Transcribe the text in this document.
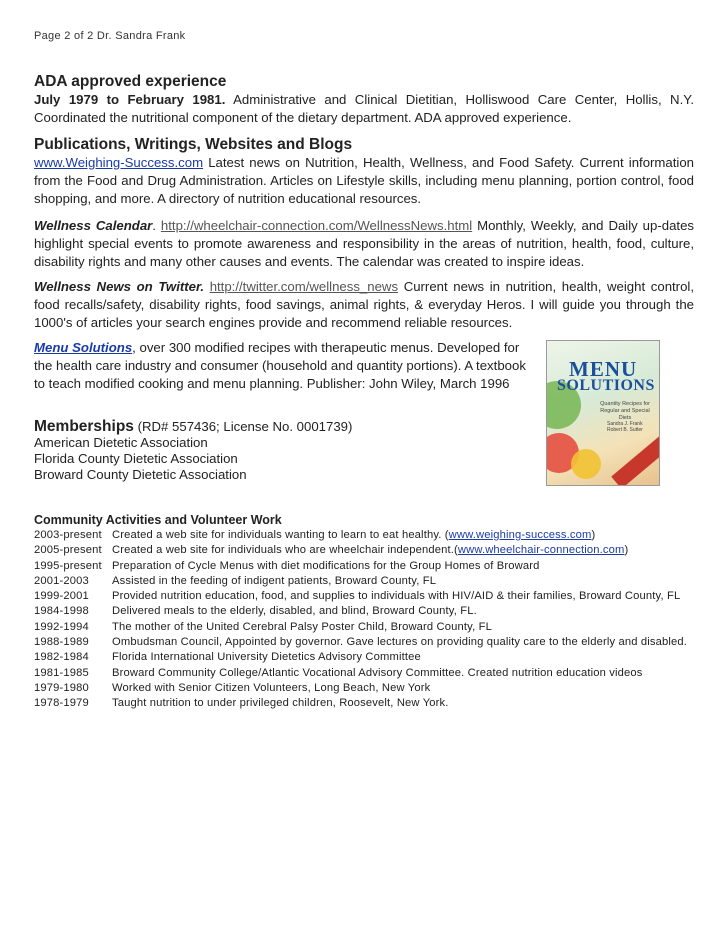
Page 2 of 2 Dr. Sandra Frank
ADA approved experience

July 1979 to February 1981. Administrative and Clinical Dietitian, Holliswood Care Center, Hollis, N.Y. Coordinated the nutritional component of the dietary department. ADA approved experience.

Publications, Writings, Websites and Blogs

www.Weighing-Success.com Latest news on Nutrition, Health, Wellness, and Food Safety. Current information from the Food and Drug Administration. Articles on Lifestyle skills, including menu planning, portion control, food shopping, and more. A directory of nutrition educational resources.

Wellness Calendar. http://wheelchair-connection.com/WellnessNews.html Monthly, Weekly, and Daily up-dates highlight special events to promote awareness and responsibility in the areas of nutrition, health, food, culture, disability rights and many other causes and events. The calendar was created to inspire ideas.

Wellness News on Twitter. http://twitter.com/wellness_news Current news in nutrition, health, weight control, food recalls/safety, disability rights, food savings, animal rights, & everyday Heros. I will guide you through the 1000's of articles your search engines provide and recommend reliable resources.

Menu Solutions, over 300 modified recipes with therapeutic menus. Developed for the health care industry and consumer (household and quantity portions). A textbook to teach modified cooking and menu planning. Publisher: John Wiley, March 1996
MENU
SOLUTIONS
Quantity Recipes for Regular and Special Diets
Sandra J. Frank Robert B. Sutter
Memberships (RD# 557436; License No. 0001739)
American Dietetic Association
Florida County Dietetic Association
Broward County Dietetic Association
Community Activities and Volunteer Work
2003-present Created a web site for individuals wanting to learn to eat healthy. (www.weighing-success.com)
2005-present Created a web site for individuals who are wheelchair independent.(www.wheelchair-connection.com)
1995-present Preparation of Cycle Menus with diet modifications for the Group Homes of Broward
2001-2003	Assisted in the feeding of indigent patients, Broward County, FL
1999-2001	Provided nutrition education, food, and supplies to individuals with HIV/AID & their families, Broward County, FL
1984-1998	Delivered meals to the elderly, disabled, and blind, Broward County, FL.
1992-1994	The mother of the United Cerebral Palsy Poster Child, Broward County, FL
1988-1989	Ombudsman Council, Appointed by governor. Gave lectures on providing quality care to the elderly and disabled.
1982-1984	Florida International University Dietetics Advisory Committee
1981-1985	Broward Community College/Atlantic Vocational Advisory Committee. Created nutrition education videos
1979-1980	Worked with Senior Citizen Volunteers, Long Beach, New York
1978-1979	Taught nutrition to under privileged children, Roosevelt, New York.
